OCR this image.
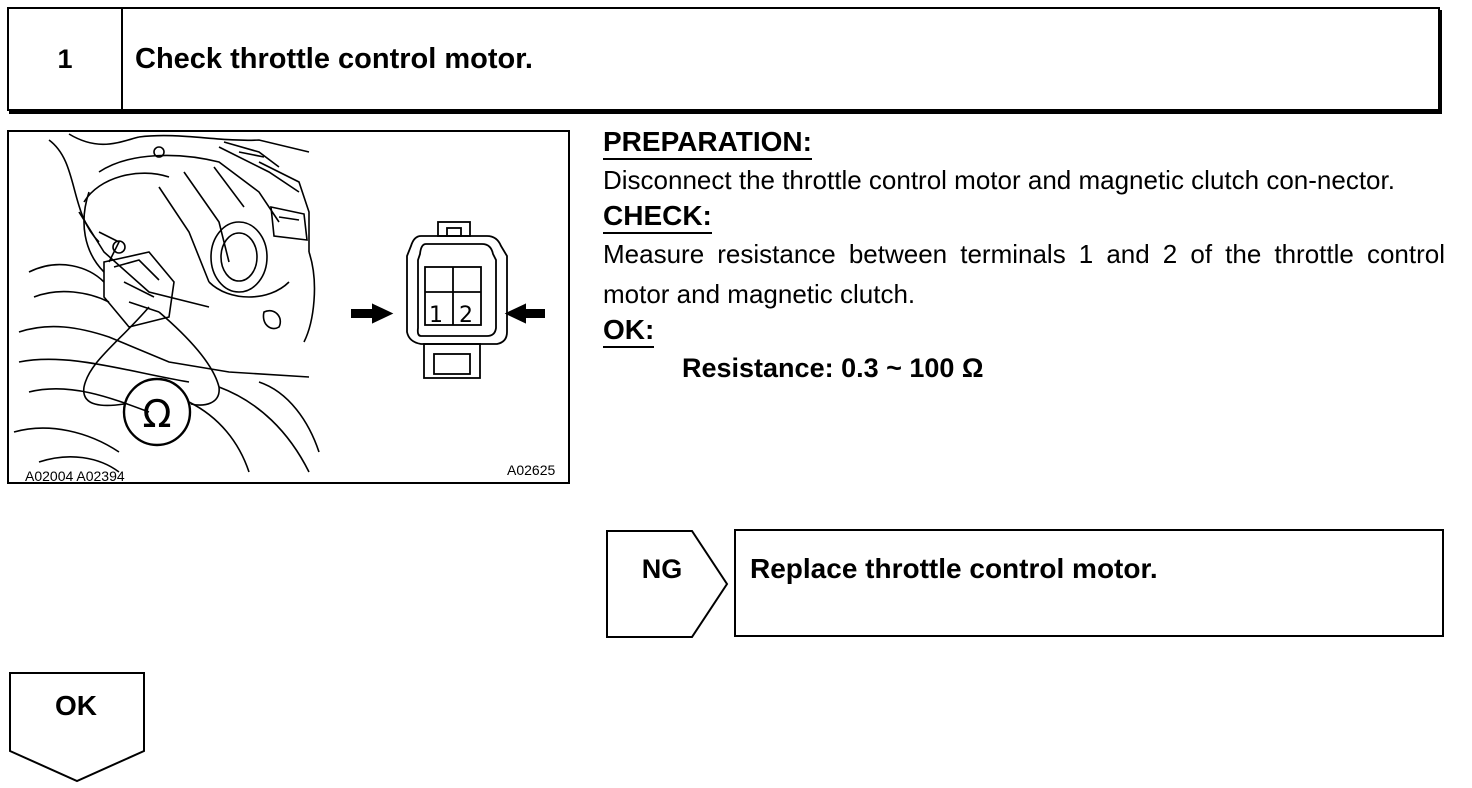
1	Check throttle control motor.
Ω
1 2
A02004 A02394	A02625
PREPARATION:

Disconnect the throttle control motor and magnetic clutch con-nector.

CHECK:

Measure resistance between terminals 1 and 2 of the throttle control motor and magnetic clutch.

OK:
Resistance: 0.3 ~ 100 Ω
NG	Replace throttle control motor.
OK
